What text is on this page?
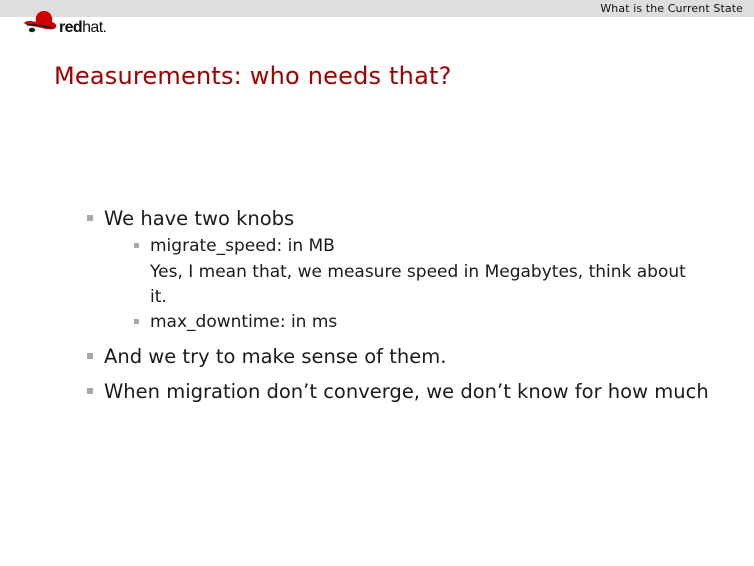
What is the Current State
redhat.
Measurements: who needs that?
We have two knobs
migrate_speed: in MB
Yes, I mean that, we measure speed in Megabytes, think about
it.
max_downtime: in ms
And we try to make sense of them.
When migration don’t converge, we don’t know for how much
